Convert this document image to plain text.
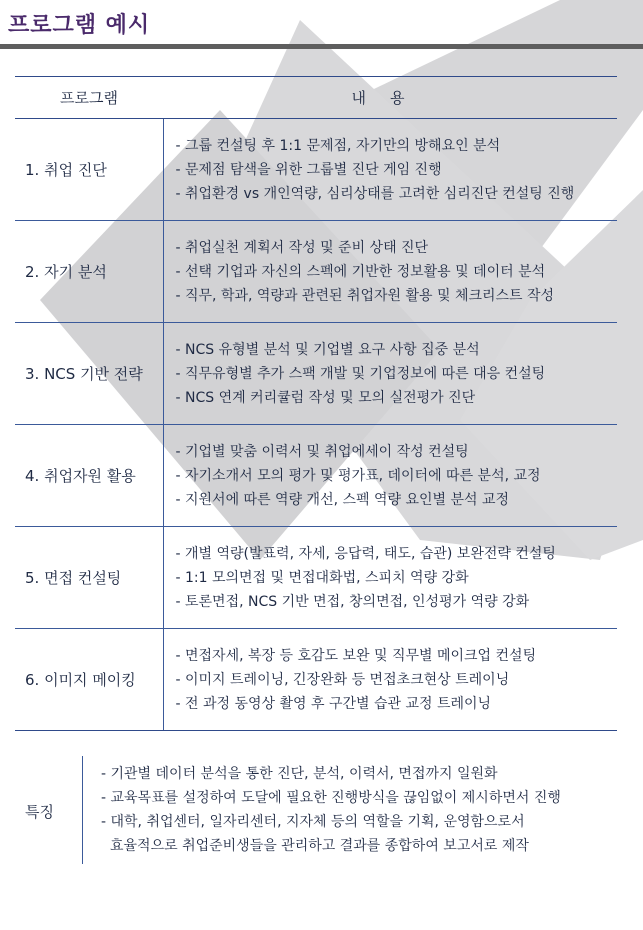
프로그램 예시
프로그램	내용
1. 취업 진단	- 그룹 컨설팅 후 1:1 문제점, 자기만의 방해요인 분석
- 문제점 탐색을 위한 그룹별 진단 게임 진행
- 취업환경 vs 개인역량, 심리상태를 고려한 심리진단 컨설팅 진행

2. 자기 분석	- 취업실천 계획서 작성 및 준비 상태 진단
- 선택 기업과 자신의 스펙에 기반한 정보활용 및 데이터 분석
- 직무, 학과, 역량과 관련된 취업자원 활용 및 체크리스트 작성

3. NCS 기반 전략	- NCS 유형별 분석 및 기업별 요구 사항 집중 분석
- 직무유형별 추가 스팩 개발 및 기업정보에 따른 대응 컨설팅
- NCS 연계 커리큘럼 작성 및 모의 실전평가 진단

4. 취업자원 활용	- 기업별 맞춤 이력서 및 취업에세이 작성 컨설팅
- 자기소개서 모의 평가 및 평가표, 데이터에 따른 분석, 교정
- 지원서에 따른 역량 개선, 스펙 역량 요인별 분석 교정

5. 면접 컨설팅	- 개별 역량(발표력, 자세, 응답력, 태도, 습관) 보완전략 컨설팅
- 1:1 모의면접 및 면접대화법, 스피치 역량 강화
- 토론면접, NCS 기반 면접, 창의면접, 인성평가 역량 강화

6. 이미지 메이킹	- 면접자세, 복장 등 호감도 보완 및 직무별 메이크업 컨설팅
- 이미지 트레이닝, 긴장완화 등 면접초크현상 트레이닝
- 전 과정 동영상 촬영 후 구간별 습관 교정 트레이닝
특징
- 기관별 데이터 분석을 통한 진단, 분석, 이력서, 면접까지 일원화
- 교육목표를 설정하여 도달에 필요한 진행방식을 끊임없이 제시하면서 진행
- 대학, 취업센터, 일자리센터, 지자체 등의 역할을 기획, 운영함으로서
효율적으로 취업준비생들을 관리하고 결과를 종합하여 보고서로 제작
